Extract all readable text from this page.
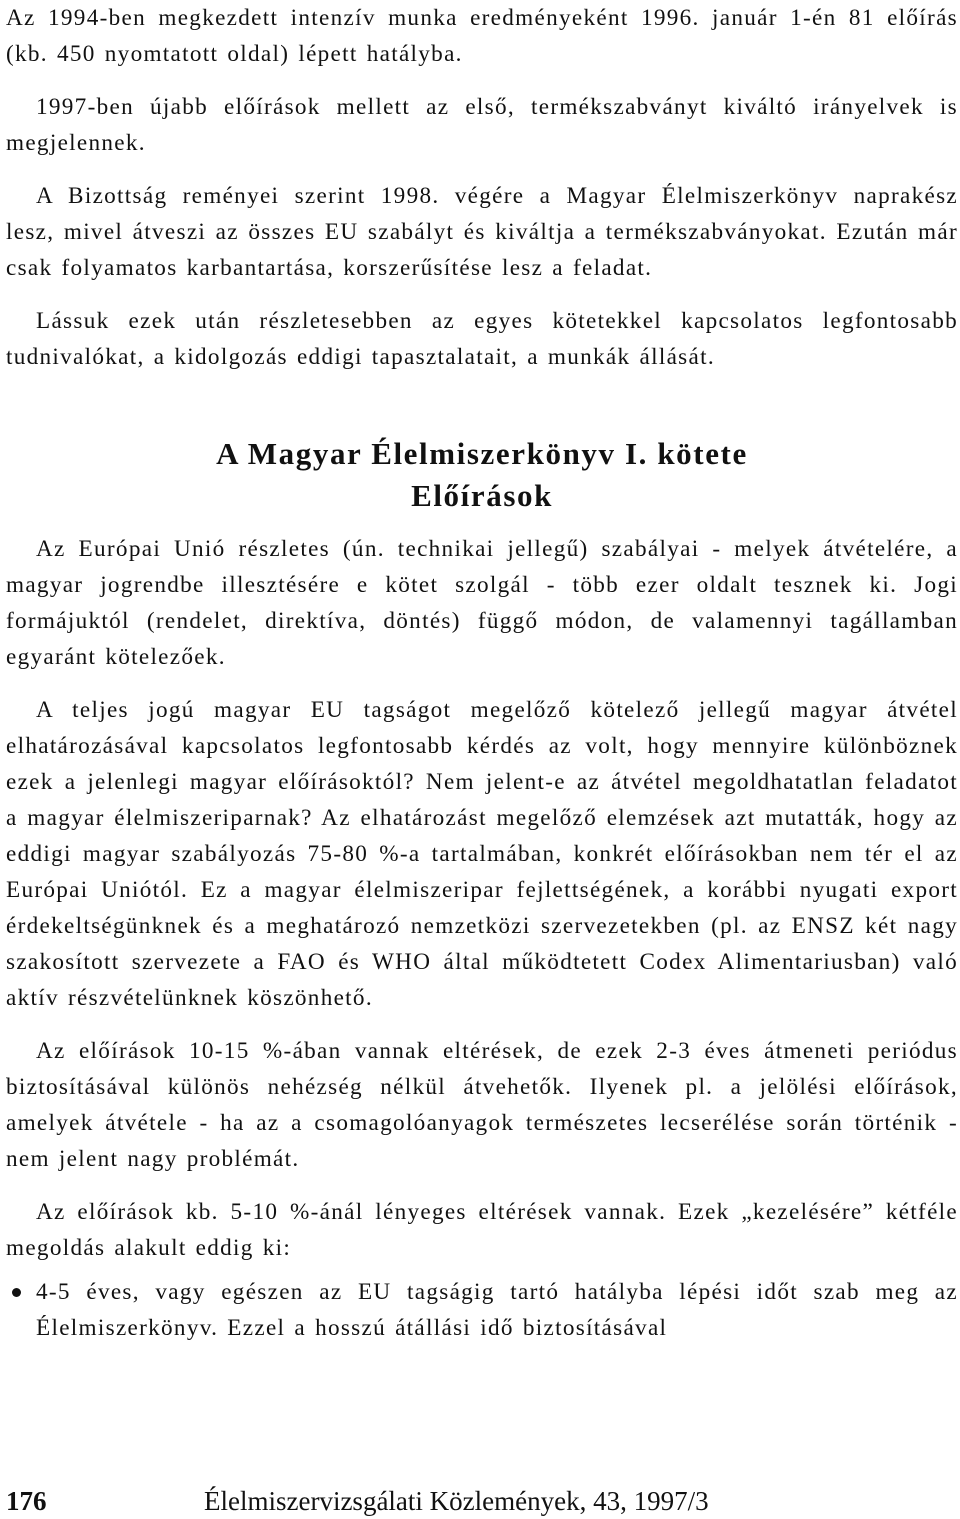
Az 1994-ben megkezdett intenzív munka eredményeként 1996. január 1-én 81 előírás (kb. 450 nyomtatott oldal) lépett hatályba.

1997-ben újabb előírások mellett az első, termékszabványt kiváltó irányelvek is megjelennek.

A Bizottság reményei szerint 1998. végére a Magyar Élelmiszerkönyv naprakész lesz, mivel átveszi az összes EU szabályt és kiváltja a termékszabványokat. Ezután már csak folyamatos karbantartása, korszerűsítése lesz a feladat.

Lássuk ezek után részletesebben az egyes kötetekkel kapcsolatos legfontosabb tudnivalókat, a kidolgozás eddigi tapasztalatait, a munkák állását.

A Magyar Élelmiszerkönyv I. kötete
Előírások

Az Európai Unió részletes (ún. technikai jellegű) szabályai - melyek átvételére, a magyar jogrendbe illesztésére e kötet szolgál - több ezer oldalt tesznek ki. Jogi formájuktól (rendelet, direktíva, döntés) függő módon, de valamennyi tagállamban egyaránt kötelezőek.

A teljes jogú magyar EU tagságot megelőző kötelező jellegű magyar átvétel elhatározásával kapcsolatos legfontosabb kérdés az volt, hogy mennyire különböznek ezek a jelenlegi magyar előírásoktól? Nem jelent-e az átvétel megoldhatatlan feladatot a magyar élelmiszeriparnak? Az elhatározást megelőző elemzések azt mutatták, hogy az eddigi magyar szabályozás 75-80 %-a tartalmában, konkrét előírásokban nem tér el az Európai Uniótól. Ez a magyar élelmiszeripar fejlettségének, a korábbi nyugati export érdekeltségünknek és a meghatározó nemzetközi szervezetekben (pl. az ENSZ két nagy szakosított szervezete a FAO és WHO által működtetett Codex Alimentariusban) való aktív részvételünknek köszönhető.

Az előírások 10-15 %-ában vannak eltérések, de ezek 2-3 éves átmeneti periódus biztosításával különös nehézség nélkül átvehetők. Ilyenek pl. a jelölési előírások, amelyek átvétele - ha az a csomagolóanyagok természetes lecserélése során történik - nem jelent nagy problémát.

Az előírások kb. 5-10 %-ánál lényeges eltérések vannak. Ezek „kezelésére” kétféle megoldás alakult eddig ki:

4-5 éves, vagy egészen az EU tagságig tartó hatályba lépési időt szab meg az Élelmiszerkönyv. Ezzel a hosszú átállási idő biztosításával
176	Élelmiszervizsgálati Közlemények, 43, 1997/3
